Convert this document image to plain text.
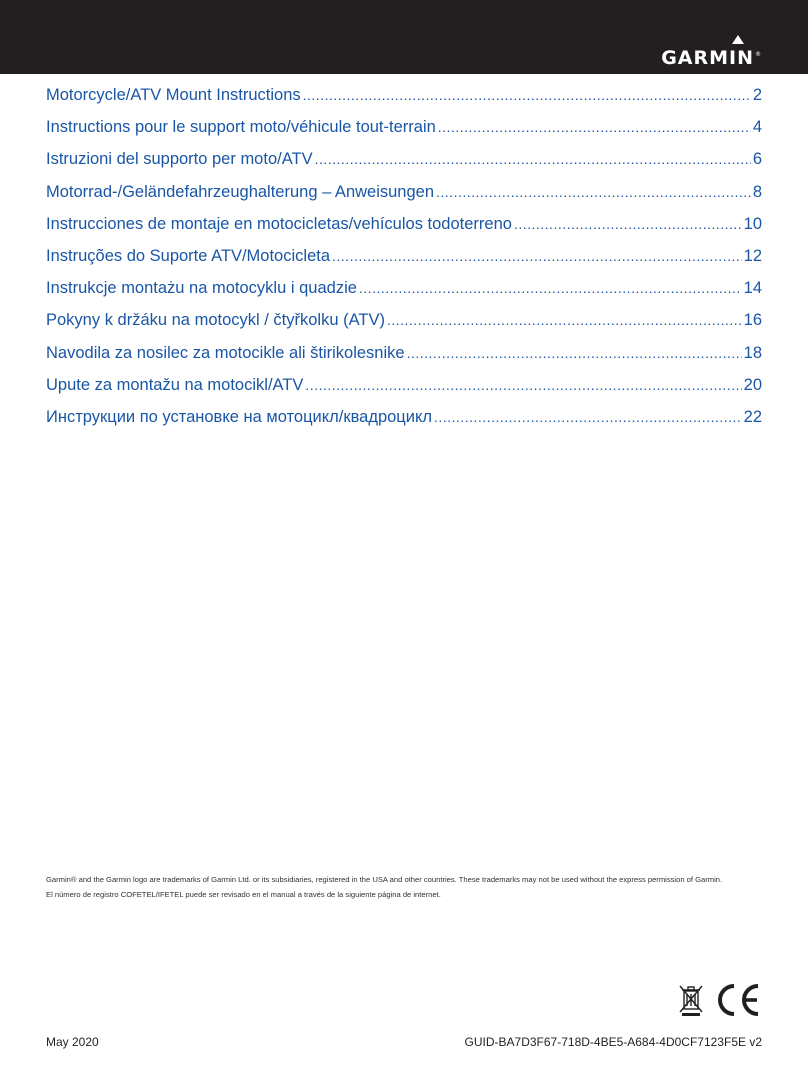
GARMIN ®
Motorcycle/ATV Mount Instructions .....	2
Instructions pour le support moto/véhicule tout-terrain .....	4
Istruzioni del supporto per moto/ATV .....	6
Motorrad-/Geländefahrzeughalterung – Anweisungen .....	8
Instrucciones de montaje en motocicletas/vehículos todoterreno .....	10
Instruções do Suporte ATV/Motocicleta .....	12
Instrukcje montażu na motocyklu i quadzie .....	14
Pokyny k držáku na motocykl / čtyřkolku (ATV) .....	16
Navodila za nosilec za motocikle ali štirikolesnike .....	18
Upute za montažu na motocikl/ATV .....	20
Инструкции по установке на мотоцикл/квадроцикл .....	22

Garmin® and the Garmin logo are trademarks of Garmin Ltd. or its subsidiaries, registered in the USA and other countries. These trademarks may not be used without the express permission of Garmin.

El número de registro COFETEL/IFETEL puede ser revisado en el manual a través de la siguiente página de internet.

May 2020	GUID-BA7D3F67-718D-4BE5-A684-4D0CF7123F5E v2
